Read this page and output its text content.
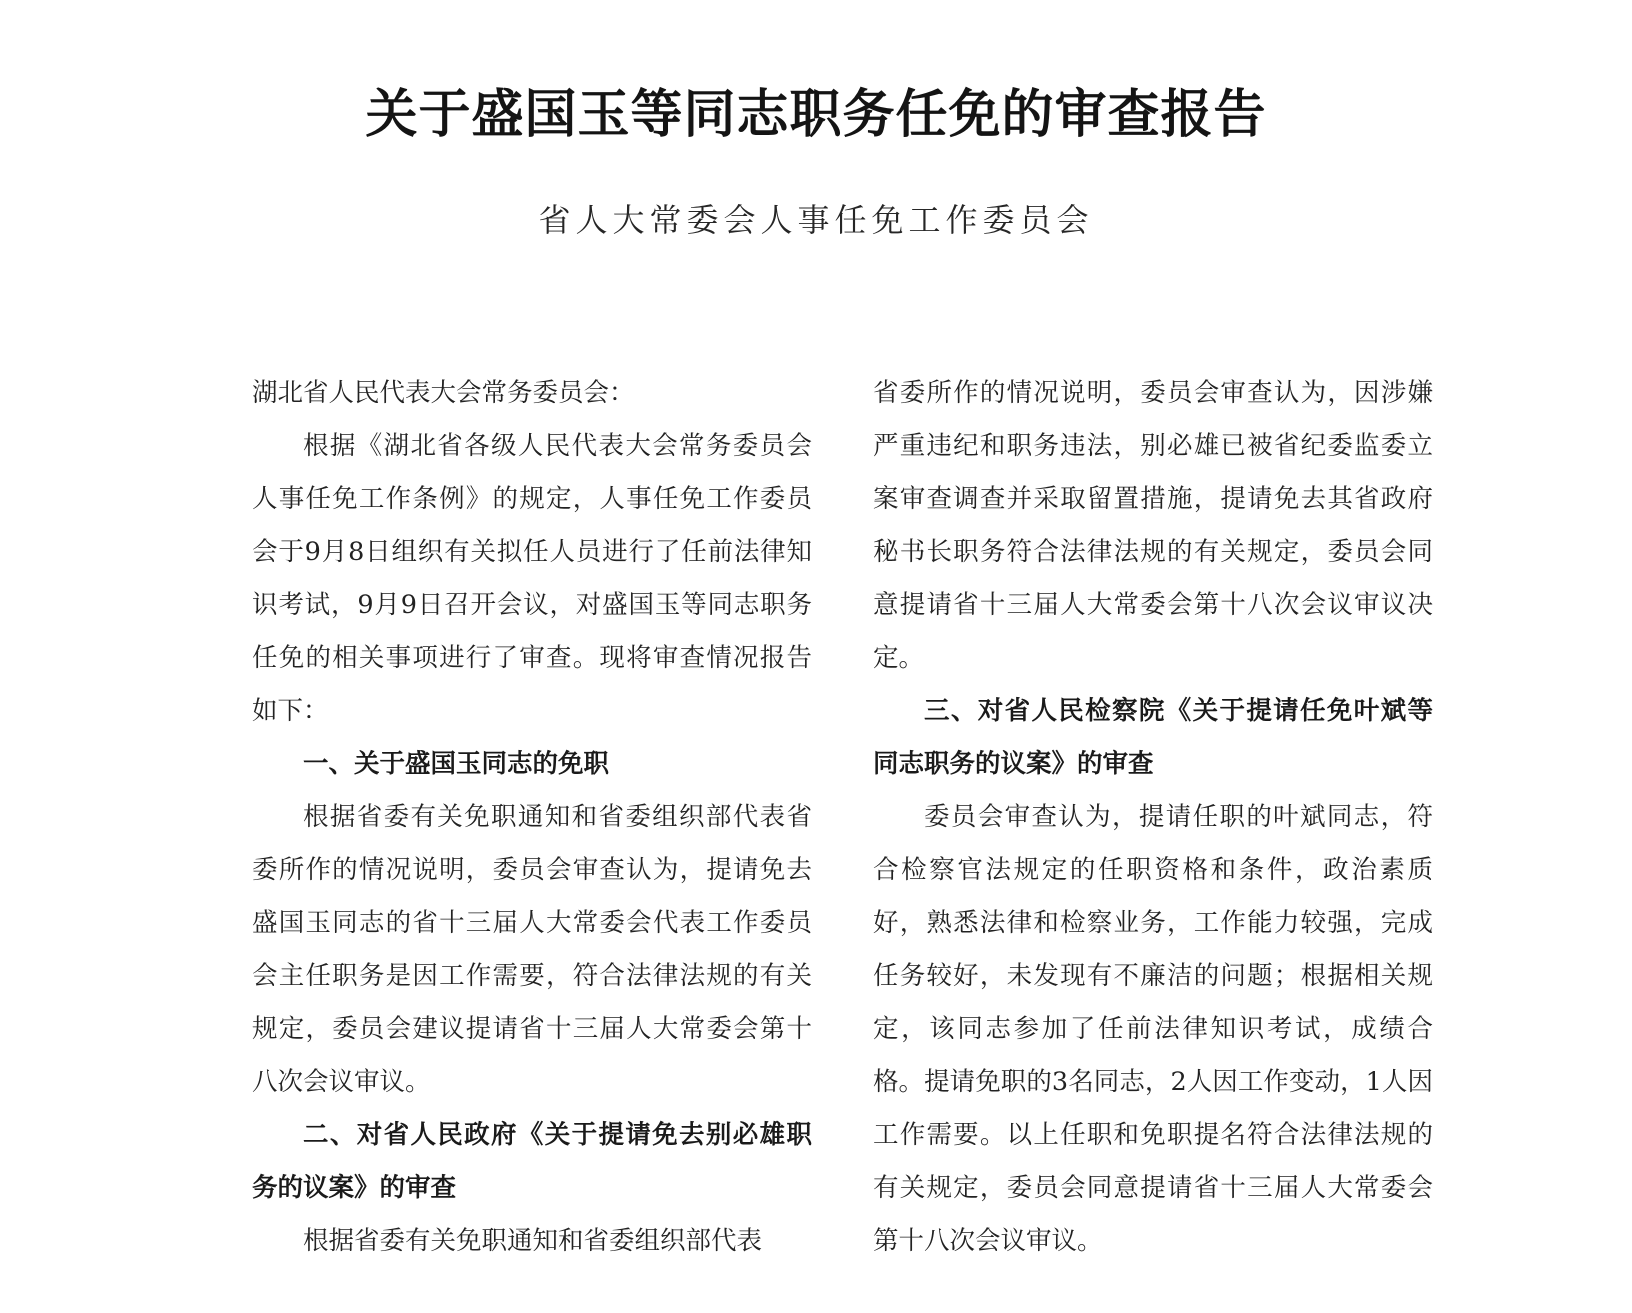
关于盛国玉等同志职务任免的审查报告
省人大常委会人事任免工作委员会

湖北省人民代表大会常务委员会：

根据《湖北省各级人民代表大会常务委员会人事任免工作条例》的规定，人事任免工作委员会于9月8日组织有关拟任人员进行了任前法律知识考试，9月9日召开会议，对盛国玉等同志职务任免的相关事项进行了审查。现将审查情况报告如下：

一、关于盛国玉同志的免职

根据省委有关免职通知和省委组织部代表省委所作的情况说明，委员会审查认为，提请免去盛国玉同志的省十三届人大常委会代表工作委员会主任职务是因工作需要，符合法律法规的有关规定，委员会建议提请省十三届人大常委会第十八次会议审议。

二、对省人民政府《关于提请免去别必雄职务的议案》的审查

根据省委有关免职通知和省委组织部代表

省委所作的情况说明，委员会审查认为，因涉嫌严重违纪和职务违法，别必雄已被省纪委监委立案审查调查并采取留置措施，提请免去其省政府秘书长职务符合法律法规的有关规定，委员会同意提请省十三届人大常委会第十八次会议审议决定。

三、对省人民检察院《关于提请任免叶斌等同志职务的议案》的审查

委员会审查认为，提请任职的叶斌同志，符合检察官法规定的任职资格和条件，政治素质好，熟悉法律和检察业务，工作能力较强，完成任务较好，未发现有不廉洁的问题；根据相关规定，该同志参加了任前法律知识考试，成绩合格。提请免职的3名同志，2人因工作变动，1人因工作需要。以上任职和免职提名符合法律法规的有关规定，委员会同意提请省十三届人大常委会第十八次会议审议。
